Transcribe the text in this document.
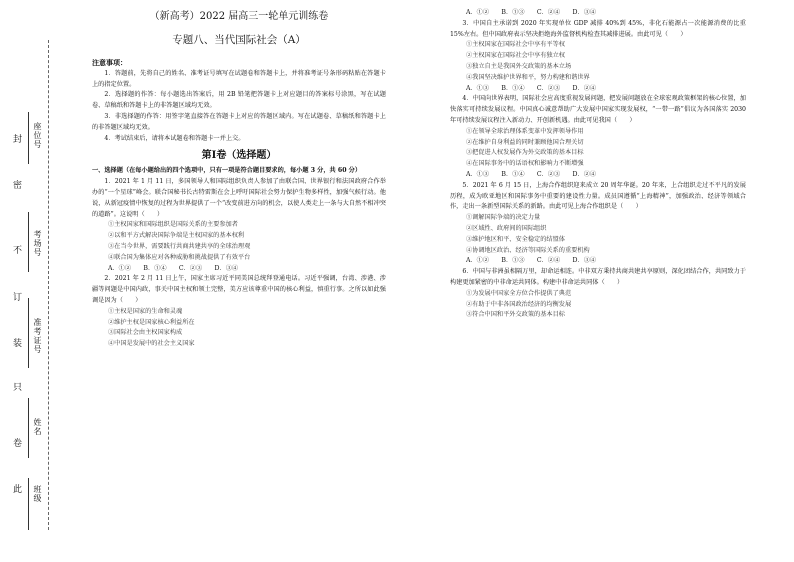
座位号
考场号
准考证号
姓名
班级
封
密
不
订
装
只
卷
此
（新高考）2022 届高三一轮单元训练卷
专题八、当代国际社会（A）
注意事项：

1．答题前，先将自己的姓名、准考证号填写在试题卷和答题卡上，并将准考证号条形码粘贴在答题卡上的指定位置。

2．选择题的作答：每小题选出答案后，用 2B 铅笔把答题卡上对应题目的答案标号涂黑，写在试题卷、草稿纸和答题卡上的非答题区域均无效。

3．非选择题的作答：用签字笔直接答在答题卡上对应的答题区域内。写在试题卷、草稿纸和答题卡上的非答题区域均无效。

4．考试结束后，请将本试题卷和答题卡一并上交。

第Ⅰ卷（选择题）

一、选择题（在每小题给出的四个选项中，只有一项是符合题目要求的，每小题 3 分，共 60 分）

1．2021 年 1 月 11 日，多国领导人和国际组织负责人参加了由联合国、世界银行和法国政府合作举办的“一个星球”峰会。联合国秘书长古特雷斯在会上呼吁国际社会努力保护生物多样性，加强气候行动。他说，从新冠疫情中恢复的过程为世界提供了一个“改变前进方向的机会，以使人类走上一条与大自然不相冲突的道路”。这说明（　　）

①主权国家和国际组织是国际关系的主要参加者

②以和平方式解决国际争端是主权国家的基本权利

③在当今世界，需要践行共商共建共享的全球治理观

④联合国为集体应对各种威胁和挑战提供了有效平台

A．①②　　B．①④　　C．②③　　D．③④

2．2021 年 2 月 11 日上午，国家主席习近平同美国总统拜登通电话。习近平强调，台湾、涉港、涉疆等问题是中国内政，事关中国主权和领土完整，美方应该尊重中国的核心利益，慎重行事。之所以如此强调是因为（　　）

①主权是国家的生命和灵魂

②维护主权是国家核心利益所在

③国际社会由主权国家构成

④中国是发展中的社会主义国家

A．①②　　B．①③　　C．②④　　D．③④

3．中国自主承诺到 2020 年实现单位 GDP 减排 40%到 45%，非化石能源占一次能源消费的比重 15%左右。但中国政府表示坚决拒绝海外监督机构检查其减排进展。由此可见（　　）

①主权国家在国际社会中享有平等权

②主权国家在国际社会中享有独立权

③独立自主是我国外交政策的基本立场

④我国坚决维护世界和平，努力构建和谐世界

A．①③　　B．①④　　C．②③　　D．②④

4．中国向世界表明，国际社会应高度重视发展问题，把发展问题放在全球宏观政策框架的核心位置，加快落实可持续发展议程。中国真心诚意帮助广大发展中国家实现发展权，“一带一路”倡议为各国落实 2030 年可持续发展议程注入新动力、开创新机遇。由此可见我国（　　）

①在领导全球治理体系变革中发挥领导作用

②在维护自身利益的同时兼顾他国合理关切

③把促进人权发展作为外交政策的基本目标

④在国际事务中的话语权和影响力不断增强

A．①③　　B．①④　　C．②③　　D．②④

5．2021 年 6 月 15 日，上海合作组织迎来成立 20 周年华诞。20 年来，上合组织走过不平凡的发展历程，成为欧亚地区和国际事务中重要的建设性力量。成员国遵循“上海精神”，加强政治、经济等领域合作，走出一条新型国际关系的新路。由此可见上海合作组织是（　　）

①调解国际争端的决定力量

②区域性、政府间的国际组织

③维护地区和平、安全稳定的结盟体

④协调地区政治、经济等国际关系的重要机构

A．①②　　B．①③　　C．②④　　D．③④

6．中国与非洲虽相隔万里，却命运相连。中非双方秉持共商共建共享原则，深化团结合作，共同致力于构建更加紧密的中非命运共同体。构建中非命运共同体（　　）

①为发展中国家全方位合作提供了典范

②有助于中非各国政治经济的均衡发展

③符合中国和平外交政策的基本目标
